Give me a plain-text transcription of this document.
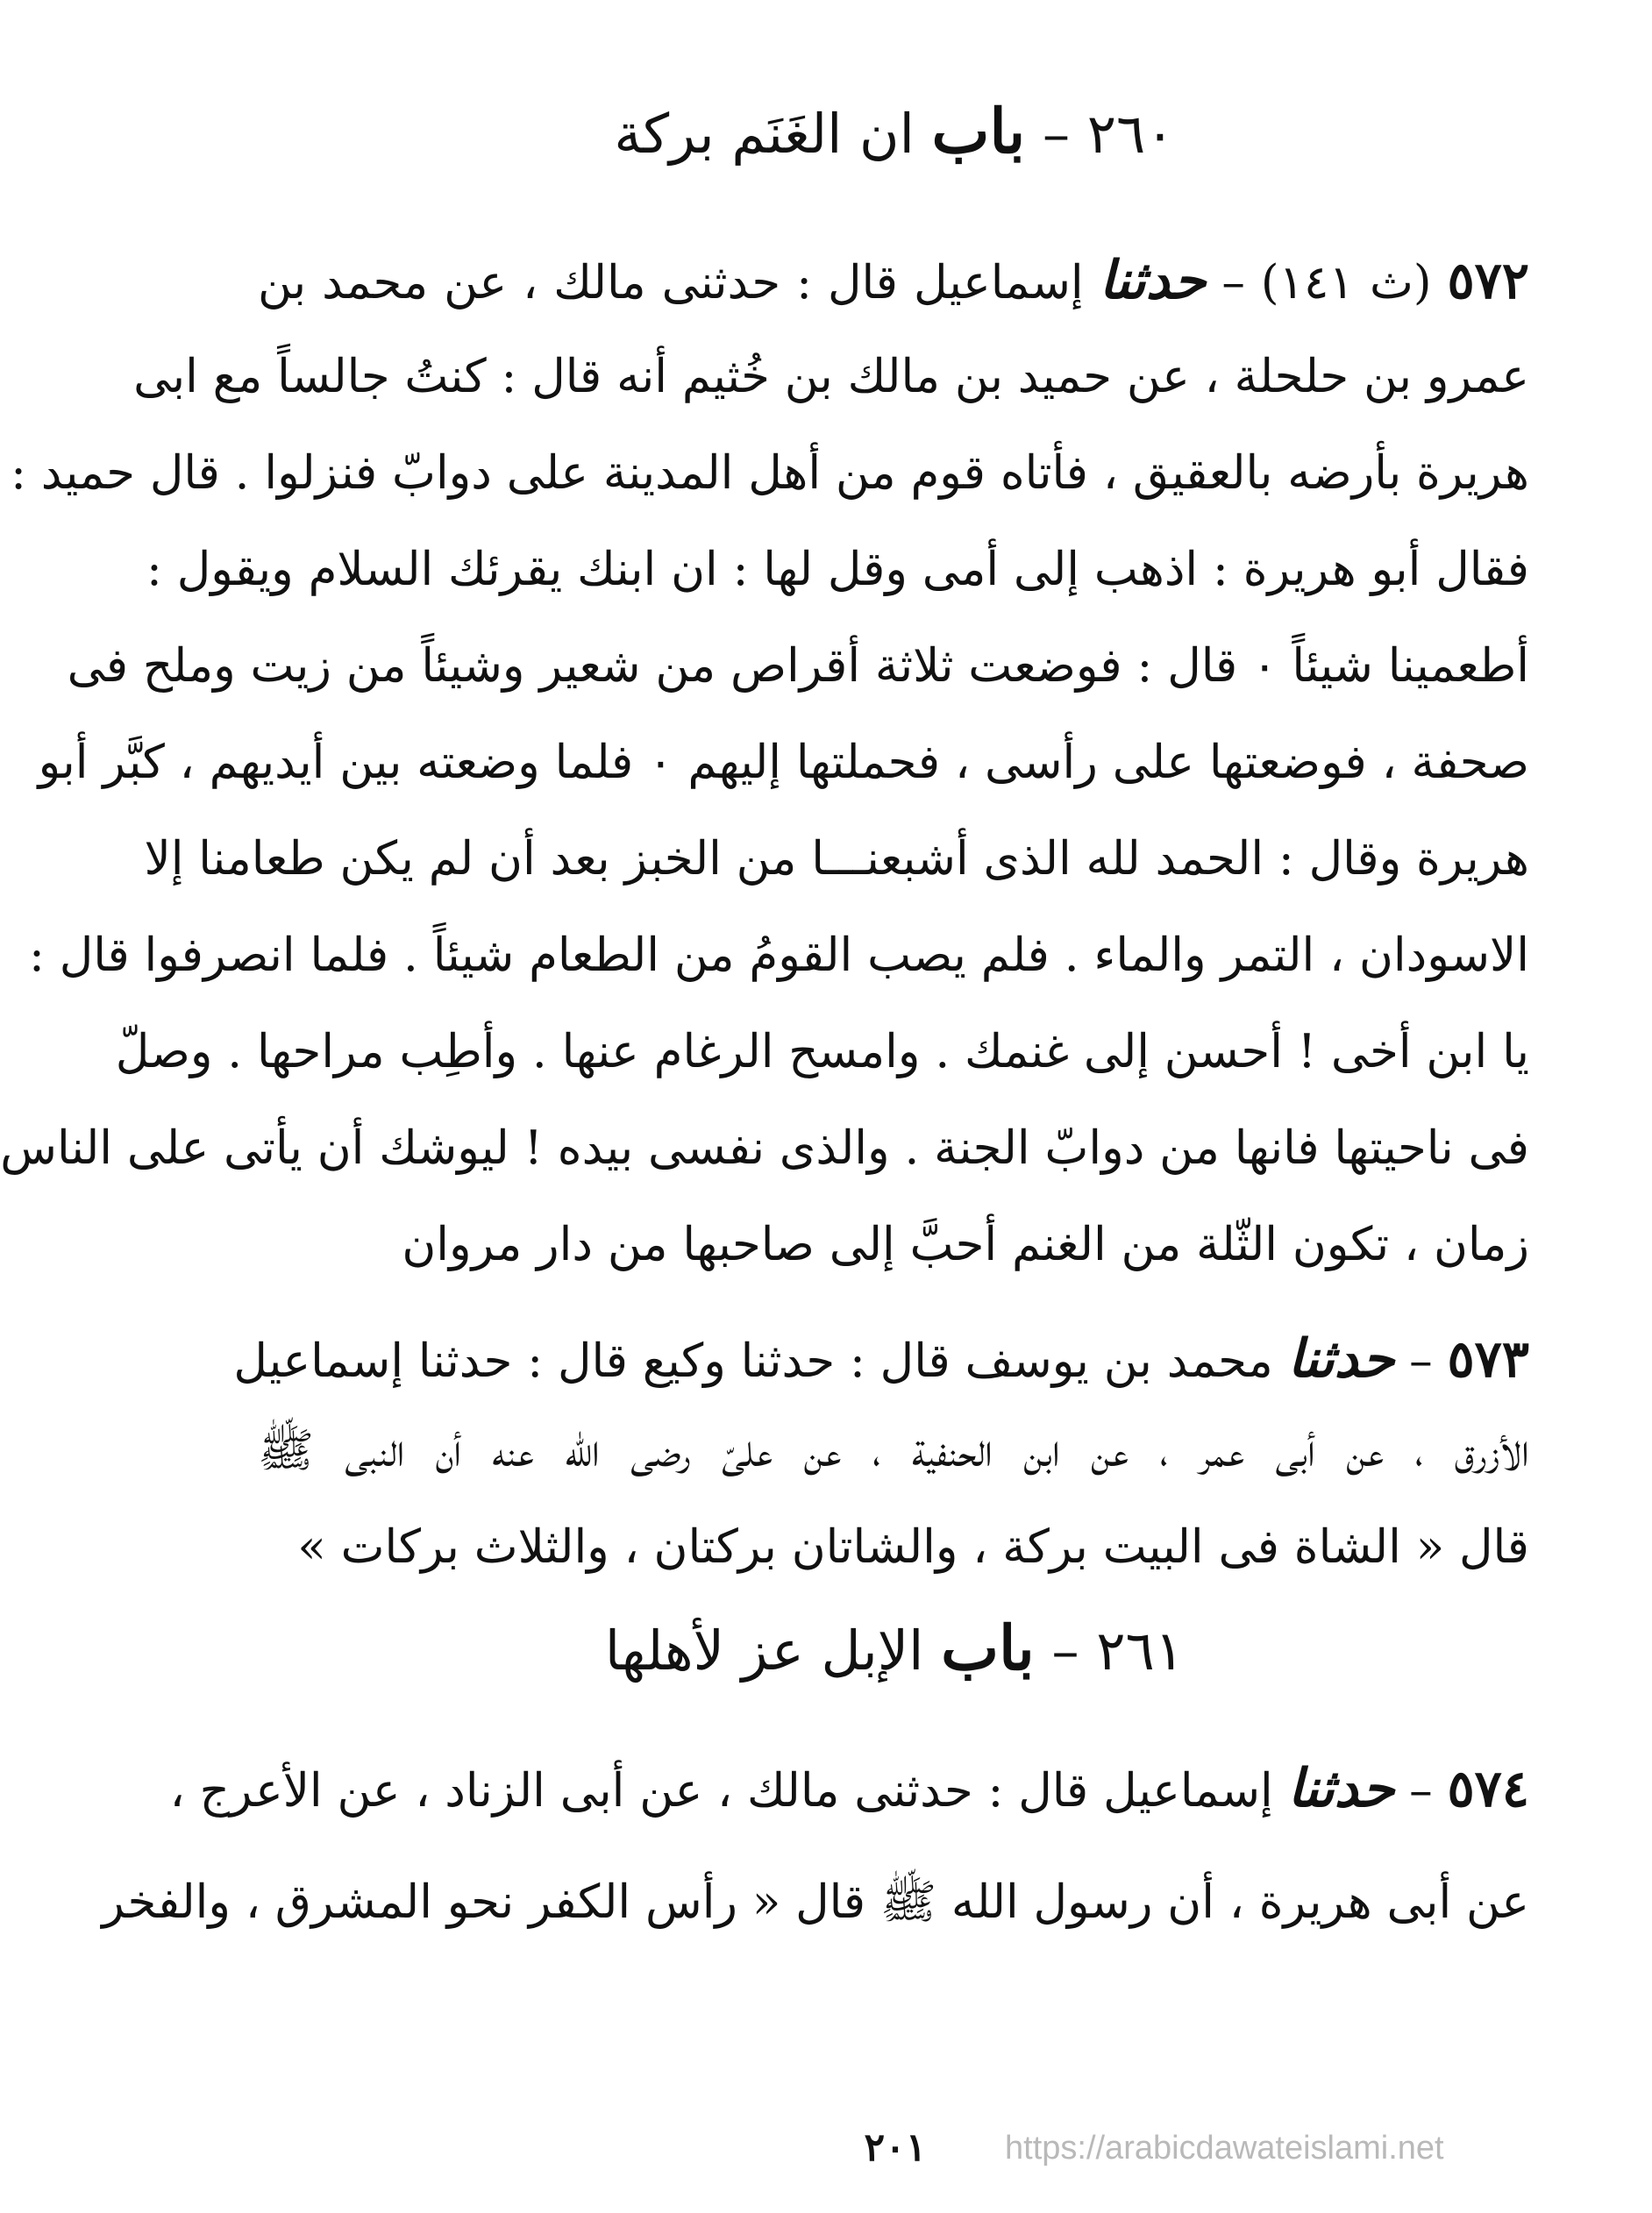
٢٦٠ – باب ان الغَنَم بركة
٥٧٢ (ث ١٤١) – حدثنا إسماعيل قال : حدثنى مالك ، عن محمد بن
عمرو بن حلحلة ، عن حميد بن مالك بن خُثيم أنه قال : كنتُ جالساً مع ابى
هريرة بأرضه بالعقيق ، فأتاه قوم من أهل المدينة على دوابّ فنزلوا . قال حميد :
فقال أبو هريرة : اذهب إلى أمى وقل لها : ان ابنك يقرئك السلام ويقول :
أطعمينا شيئاً ٠ قال : فوضعت ثلاثة أقراص من شعير وشيئاً من زيت وملح فى
صحفة ، فوضعتها على رأسى ، فحملتها إليهم ٠ فلما وضعته بين أيديهم ، كبَّر أبو
هريرة وقال : الحمد لله الذى أشبعنـــا من الخبز بعد أن لم يكن طعامنا إلا
الاسودان ، التمر والماء . فلم يصب القومُ من الطعام شيئاً . فلما انصرفوا قال :
يا ابن أخى ! أحسن إلى غنمك . وامسح الرغام عنها . وأطِب مراحها . وصلّ
فى ناحيتها فانها من دوابّ الجنة . والذى نفسى بيده ! ليوشك أن يأتى على الناس
زمان ، تكون الثّلة من الغنم أحبَّ إلى صاحبها من دار مروان
٥٧٣ – حدثنا محمد بن يوسف قال : حدثنا وكيع قال : حدثنا إسماعيل
الأزرق ، عن أبى عمر ، عن ابن الحنفية ، عن علىّ رضى الله عنه أن النبى ﷺ
قال « الشاة فى البيت بركة ، والشاتان بركتان ، والثلاث بركات »
٢٦١ – باب الإبل عز لأهلها
٥٧٤ – حدثنا إسماعيل قال : حدثنى مالك ، عن أبى الزناد ، عن الأعرج ،
عن أبى هريرة ، أن رسول الله ﷺ قال « رأس الكفر نحو المشرق ، والفخر
٢٠١	https://arabicdawateislami.net
